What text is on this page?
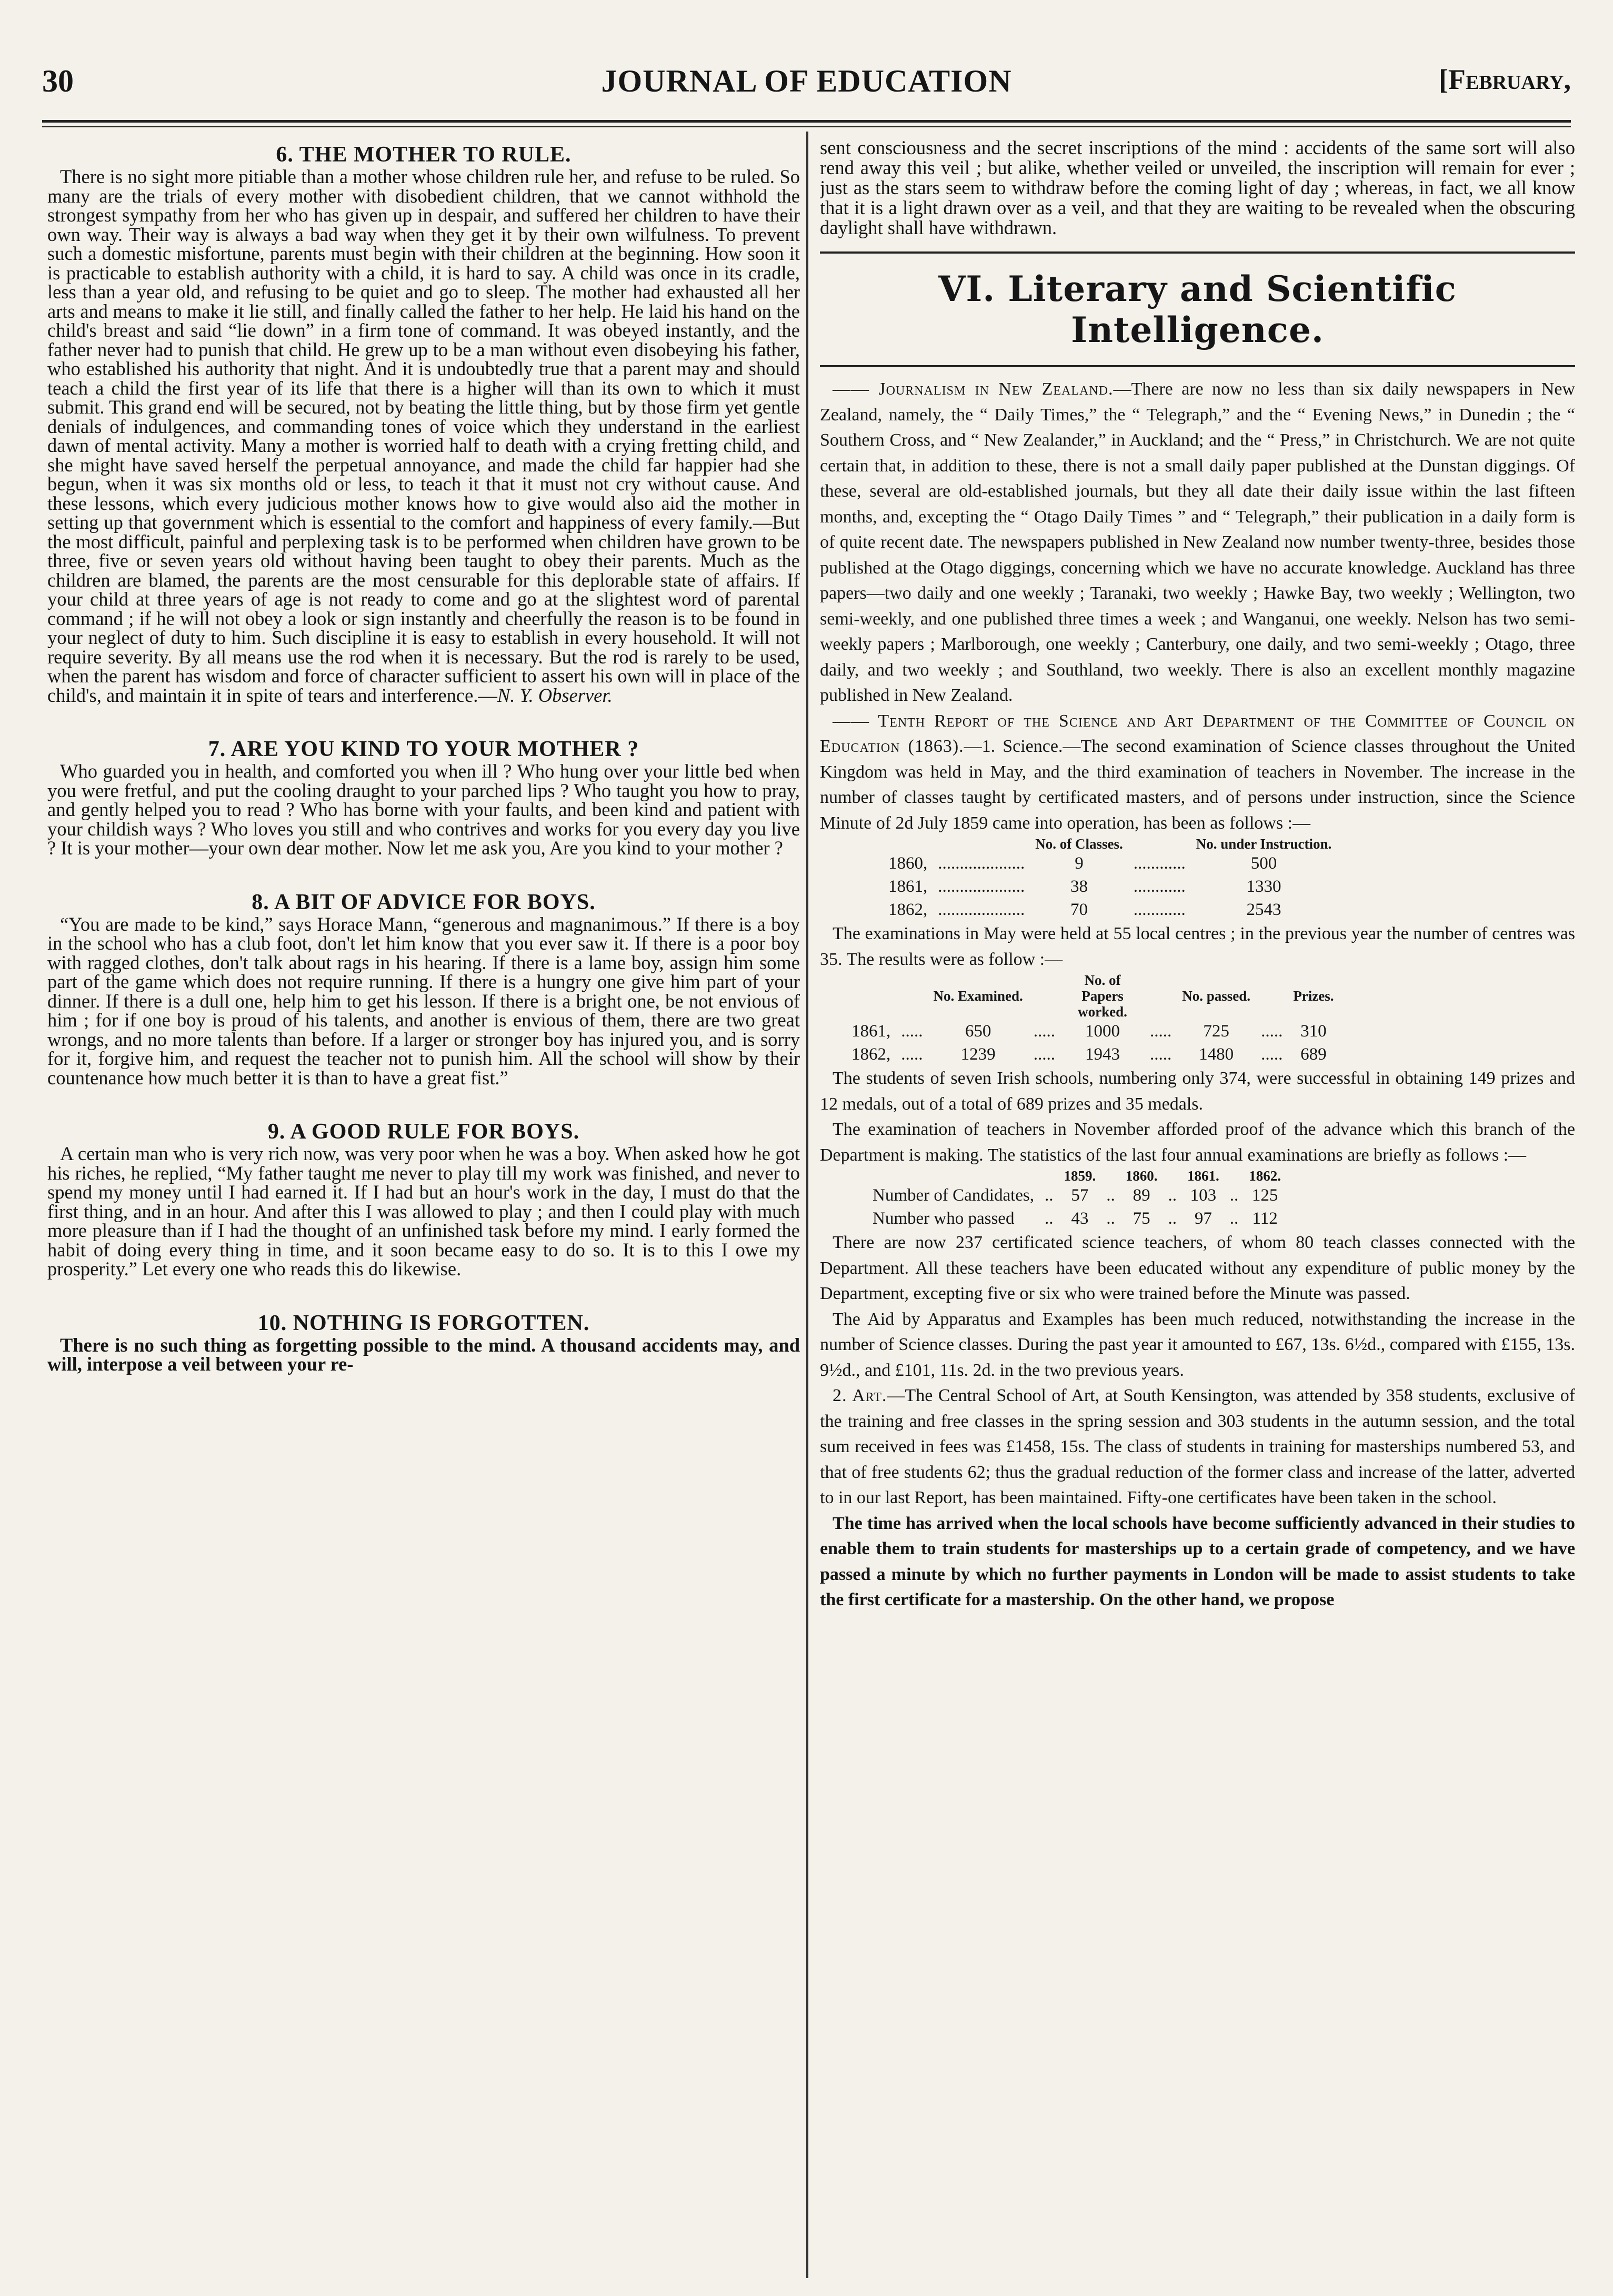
30	JOURNAL OF EDUCATION	[February,
6. THE MOTHER TO RULE.

There is no sight more pitiable than a mother whose children rule her, and refuse to be ruled. So many are the trials of every mother with disobedient children, that we cannot withhold the strongest sympathy from her who has given up in despair, and suffered her children to have their own way. Their way is always a bad way when they get it by their own wilfulness. To prevent such a domestic misfortune, parents must begin with their children at the beginning. How soon it is practicable to establish authority with a child, it is hard to say. A child was once in its cradle, less than a year old, and refusing to be quiet and go to sleep. The mother had exhausted all her arts and means to make it lie still, and finally called the father to her help. He laid his hand on the child's breast and said “lie down” in a firm tone of command. It was obeyed instantly, and the father never had to punish that child. He grew up to be a man without even disobeying his father, who established his authority that night. And it is undoubtedly true that a parent may and should teach a child the first year of its life that there is a higher will than its own to which it must submit. This grand end will be secured, not by beating the little thing, but by those firm yet gentle denials of indulgences, and commanding tones of voice which they understand in the earliest dawn of mental activity. Many a mother is worried half to death with a crying fretting child, and she might have saved herself the perpetual annoyance, and made the child far happier had she begun, when it was six months old or less, to teach it that it must not cry without cause. And these lessons, which every judicious mother knows how to give would also aid the mother in setting up that government which is essential to the comfort and happiness of every family.—But the most difficult, painful and perplexing task is to be performed when children have grown to be three, five or seven years old without having been taught to obey their parents. Much as the children are blamed, the parents are the most censurable for this deplorable state of affairs. If your child at three years of age is not ready to come and go at the slightest word of parental command ; if he will not obey a look or sign instantly and cheerfully the reason is to be found in your neglect of duty to him. Such discipline it is easy to establish in every household. It will not require severity. By all means use the rod when it is necessary. But the rod is rarely to be used, when the parent has wisdom and force of character sufficient to assert his own will in place of the child's, and maintain it in spite of tears and interference.—N. Y. Observer.

7. ARE YOU KIND TO YOUR MOTHER ?

Who guarded you in health, and comforted you when ill ? Who hung over your little bed when you were fretful, and put the cooling draught to your parched lips ? Who taught you how to pray, and gently helped you to read ? Who has borne with your faults, and been kind and patient with your childish ways ? Who loves you still and who contrives and works for you every day you live ? It is your mother—your own dear mother. Now let me ask you, Are you kind to your mother ?

8. A BIT OF ADVICE FOR BOYS.

“You are made to be kind,” says Horace Mann, “generous and magnanimous.” If there is a boy in the school who has a club foot, don't let him know that you ever saw it. If there is a poor boy with ragged clothes, don't talk about rags in his hearing. If there is a lame boy, assign him some part of the game which does not require running. If there is a hungry one give him part of your dinner. If there is a dull one, help him to get his lesson. If there is a bright one, be not envious of him ; for if one boy is proud of his talents, and another is envious of them, there are two great wrongs, and no more talents than before. If a larger or stronger boy has injured you, and is sorry for it, forgive him, and request the teacher not to punish him. All the school will show by their countenance how much better it is than to have a great fist.”

9. A GOOD RULE FOR BOYS.

A certain man who is very rich now, was very poor when he was a boy. When asked how he got his riches, he replied, “My father taught me never to play till my work was finished, and never to spend my money until I had earned it. If I had but an hour's work in the day, I must do that the first thing, and in an hour. And after this I was allowed to play ; and then I could play with much more pleasure than if I had the thought of an unfinished task before my mind. I early formed the habit of doing every thing in time, and it soon became easy to do so. It is to this I owe my prosperity.” Let every one who reads this do likewise.

10. NOTHING IS FORGOTTEN.

There is no such thing as forgetting possible to the mind. A thousand accidents may, and will, interpose a veil between your re-

sent consciousness and the secret inscriptions of the mind : accidents of the same sort will also rend away this veil ; but alike, whether veiled or unveiled, the inscription will remain for ever ; just as the stars seem to withdraw before the coming light of day ; whereas, in fact, we all know that it is a light drawn over as a veil, and that they are waiting to be revealed when the obscuring daylight shall have withdrawn.

VI. Literary and Scientific Intelligence.

—— Journalism in New Zealand.—There are now no less than six daily newspapers in New Zealand, namely, the “ Daily Times,” the “ Telegraph,” and the “ Evening News,” in Dunedin ; the “ Southern Cross, and “ New Zealander,” in Auckland; and the “ Press,” in Christchurch. We are not quite certain that, in addition to these, there is not a small daily paper published at the Dunstan diggings. Of these, several are old-established journals, but they all date their daily issue within the last fifteen months, and, excepting the “ Otago Daily Times ” and “ Telegraph,” their publication in a daily form is of quite recent date. The newspapers published in New Zealand now number twenty-three, besides those published at the Otago diggings, concerning which we have no accurate knowledge. Auckland has three papers—two daily and one weekly ; Taranaki, two weekly ; Hawke Bay, two weekly ; Wellington, two semi-weekly, and one published three times a week ; and Wanganui, one weekly. Nelson has two semi-weekly papers ; Marlborough, one weekly ; Canterbury, one daily, and two semi-weekly ; Otago, three daily, and two weekly ; and Southland, two weekly. There is also an excellent monthly magazine published in New Zealand.

—— Tenth Report of the Science and Art Department of the Committee of Council on Education (1863).—1. Science.—The second examination of Science classes throughout the United Kingdom was held in May, and the third examination of teachers in November. The increase in the number of classes taught by certificated masters, and of persons under instruction, since the Science Minute of 2d July 1859 came into operation, has been as follows :—

		No. of Classes.		No. under Instruction.
1860,	....................	9	............	500
1861,	....................	38	............	1330
1862,	....................	70	............	2543

The examinations in May were held at 55 local centres ; in the previous year the number of centres was 35. The results were as follow :—

		No. Examined.		No. of Papers worked.		No. passed.		Prizes.
1861,	.....	650	.....	1000	.....	725	.....	310
1862,	.....	1239	.....	1943	.....	1480	.....	689

The students of seven Irish schools, numbering only 374, were successful in obtaining 149 prizes and 12 medals, out of a total of 689 prizes and 35 medals.

The examination of teachers in November afforded proof of the advance which this branch of the Department is making. The statistics of the last four annual examinations are briefly as follows :—

		1859.		1860.		1861.		1862.
Number of Candidates,	..	57	..	89	..	103	..	125
Number who passed	..	43	..	75	..	97	..	112

There are now 237 certificated science teachers, of whom 80 teach classes connected with the Department. All these teachers have been educated without any expenditure of public money by the Department, excepting five or six who were trained before the Minute was passed.

The Aid by Apparatus and Examples has been much reduced, notwithstanding the increase in the number of Science classes. During the past year it amounted to £67, 13s. 6½d., compared with £155, 13s. 9½d., and £101, 11s. 2d. in the two previous years.

2. Art.—The Central School of Art, at South Kensington, was attended by 358 students, exclusive of the training and free classes in the spring session and 303 students in the autumn session, and the total sum received in fees was £1458, 15s. The class of students in training for masterships numbered 53, and that of free students 62; thus the gradual reduction of the former class and increase of the latter, adverted to in our last Report, has been maintained. Fifty-one certificates have been taken in the school.

The time has arrived when the local schools have become sufficiently advanced in their studies to enable them to train students for masterships up to a certain grade of competency, and we have passed a minute by which no further payments in London will be made to assist students to take the first certificate for a mastership. On the other hand, we propose
